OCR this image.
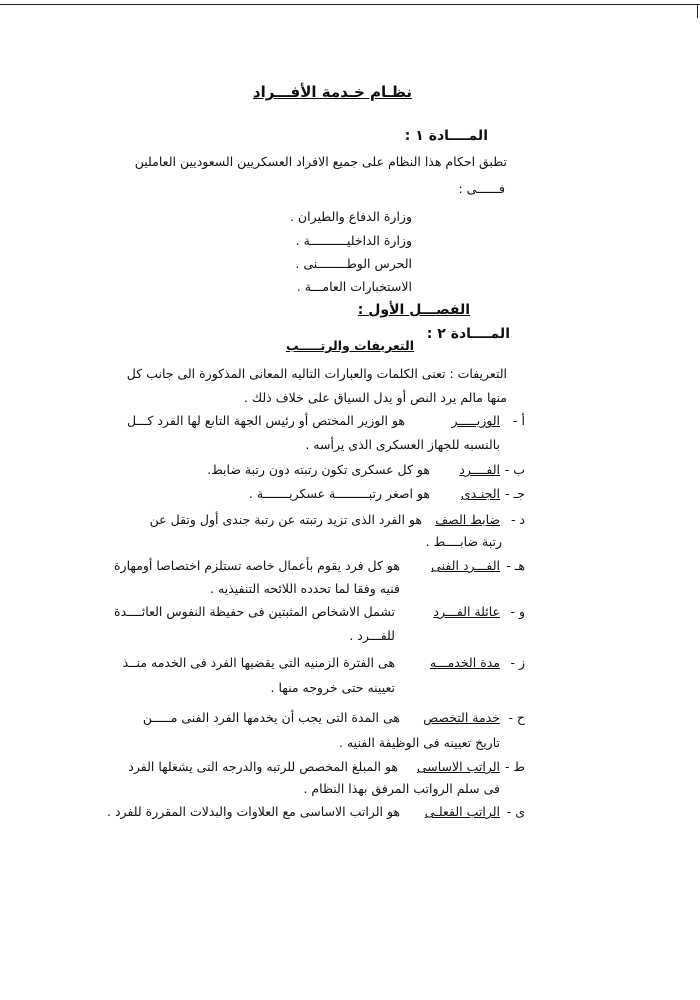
نظـام خـدمة الأفـــراد
المــــادة ١ :
تطبق احكام هذا النظام على جميع الافراد العسكريين السعوديين العاملين
فــــــى :
وزارة الدفاع والطيران .
وزارة الداخليــــــــــة .
الحرس الوطــــــــنى .
الاستخبارات العامـــة .
الفصـــل الأول :
المــــادة ٢ :
التعريفات والرتـــــب
التعريفات : تعنى الكلمات والعبارات التاليه المعانى المذكورة الى جانب كل
منها مالم يرد النص أو يدل السياق على خلاف ذلك .
أ -
الوزيـــــر
هو الوزير المختص أو رئيس الجهة التابع لها الفرد كـــل
بالنسبه للجهاز العسكرى الذى يرأسه .
ب -
الفــــرد
هو كل عسكرى تكون رتبته دون رتبة ضابط.
جـ -
الجنـدى
هو اصغر رتبـــــــــة عسكريـــــــة .
د -
ضابط الصف
هو الفرد الذى تزيد رتبته عن رتبة جندى أول وتقل عن
رتبة ضابــــط .
هـ -
الفـــرد الفنى
هو كل فرد يقوم بأعمال خاصه تستلزم اختصاصا أومهارة
فنيه وفقا لما تحدده اللائحه التنفيذيه .
و -
عائلة الفـــرد
تشمل الاشخاص المثبتين فى حفيظة النفوس العائــــدة
للفـــرد .
ز -
مدة الخدمـــه
هى الفترة الزمنيه التى يقضيها الفرد فى الخدمه منــذ
تعيينه حتى خروجه منها .
ح -
خدمة التخصص
هى المدة التى يجب أن يخدمها الفرد الفنى مـــــن
تاريخ تعيينه فى الوظيفة الفنيه .
ط -
الراتب الاساسى
هو المبلغ المخصص للرتبه والدرجه التى يشغلها الفرد
فى سلم الرواتب المرفق بهذا النظام .
ى -
الراتب الفعلـى
هو الراتب الاساسى مع العلاوات والبدلات المقررة للفرد .
